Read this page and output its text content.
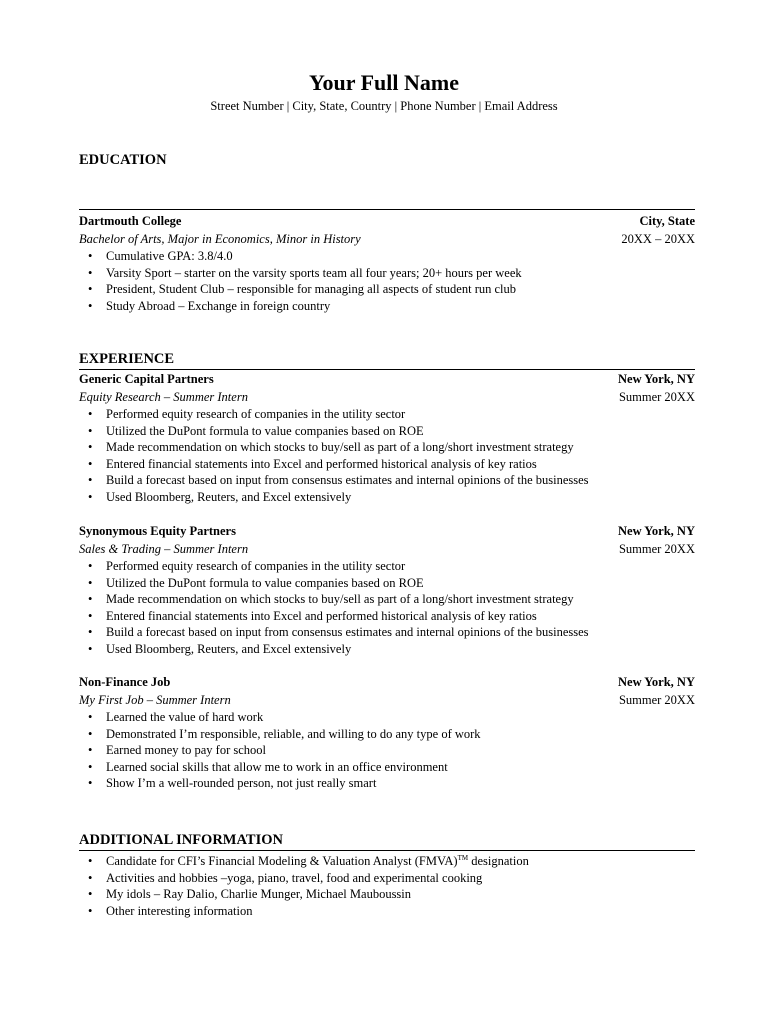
Your Full Name
Street Number | City, State, Country | Phone Number | Email Address
EDUCATION
Dartmouth College	City, State
Bachelor of Arts, Major in Economics, Minor in History	20XX – 20XX
• Cumulative GPA: 3.8/4.0
• Varsity Sport – starter on the varsity sports team all four years; 20+ hours per week
• President, Student Club – responsible for managing all aspects of student run club
• Study Abroad – Exchange in foreign country
EXPERIENCE
Generic Capital Partners	New York, NY
Equity Research – Summer Intern	Summer 20XX
• Performed equity research of companies in the utility sector
• Utilized the DuPont formula to value companies based on ROE
• Made recommendation on which stocks to buy/sell as part of a long/short investment strategy
• Entered financial statements into Excel and performed historical analysis of key ratios
• Build a forecast based on input from consensus estimates and internal opinions of the businesses
• Used Bloomberg, Reuters, and Excel extensively
Synonymous Equity Partners	New York, NY
Sales & Trading – Summer Intern	Summer 20XX
• Performed equity research of companies in the utility sector
• Utilized the DuPont formula to value companies based on ROE
• Made recommendation on which stocks to buy/sell as part of a long/short investment strategy
• Entered financial statements into Excel and performed historical analysis of key ratios
• Build a forecast based on input from consensus estimates and internal opinions of the businesses
• Used Bloomberg, Reuters, and Excel extensively
Non-Finance Job	New York, NY
My First Job – Summer Intern	Summer 20XX
• Learned the value of hard work
• Demonstrated I’m responsible, reliable, and willing to do any type of work
• Earned money to pay for school
• Learned social skills that allow me to work in an office environment
• Show I’m a well-rounded person, not just really smart
ADDITIONAL INFORMATION
• Candidate for CFI’s Financial Modeling & Valuation Analyst (FMVA)™ designation
• Activities and hobbies –yoga, piano, travel, food and experimental cooking
• My idols – Ray Dalio, Charlie Munger, Michael Mauboussin
• Other interesting information
